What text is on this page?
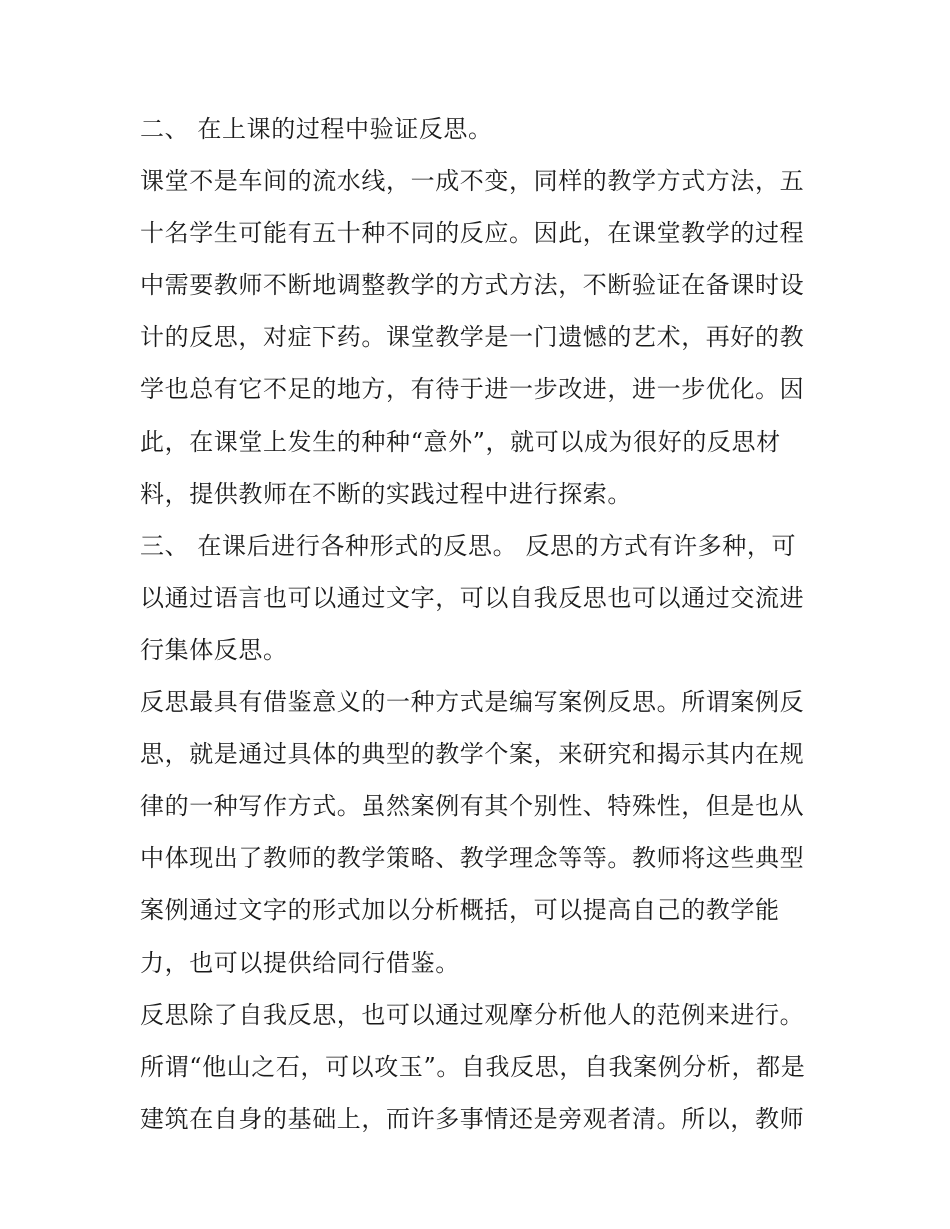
二、 在上课的过程中验证反思。
课堂不是车间的流水线，一成不变，同样的教学方式方法，五
十名学生可能有五十种不同的反应。因此，在课堂教学的过程
中需要教师不断地调整教学的方式方法，不断验证在备课时设
计的反思，对症下药。课堂教学是一门遗憾的艺术，再好的教
学也总有它不足的地方，有待于进一步改进，进一步优化。因
此，在课堂上发生的种种“意外”，就可以成为很好的反思材
料，提供教师在不断的实践过程中进行探索。
三、 在课后进行各种形式的反思。 反思的方式有许多种，可
以通过语言也可以通过文字，可以自我反思也可以通过交流进
行集体反思。
反思最具有借鉴意义的一种方式是编写案例反思。所谓案例反
思，就是通过具体的典型的教学个案，来研究和揭示其内在规
律的一种写作方式。虽然案例有其个别性、特殊性，但是也从
中体现出了教师的教学策略、教学理念等等。教师将这些典型
案例通过文字的形式加以分析概括，可以提高自己的教学能
力，也可以提供给同行借鉴。
反思除了自我反思，也可以通过观摩分析他人的范例来进行。
所谓“他山之石，可以攻玉”。自我反思，自我案例分析，都是
建筑在自身的基础上，而许多事情还是旁观者清。所以，教师
